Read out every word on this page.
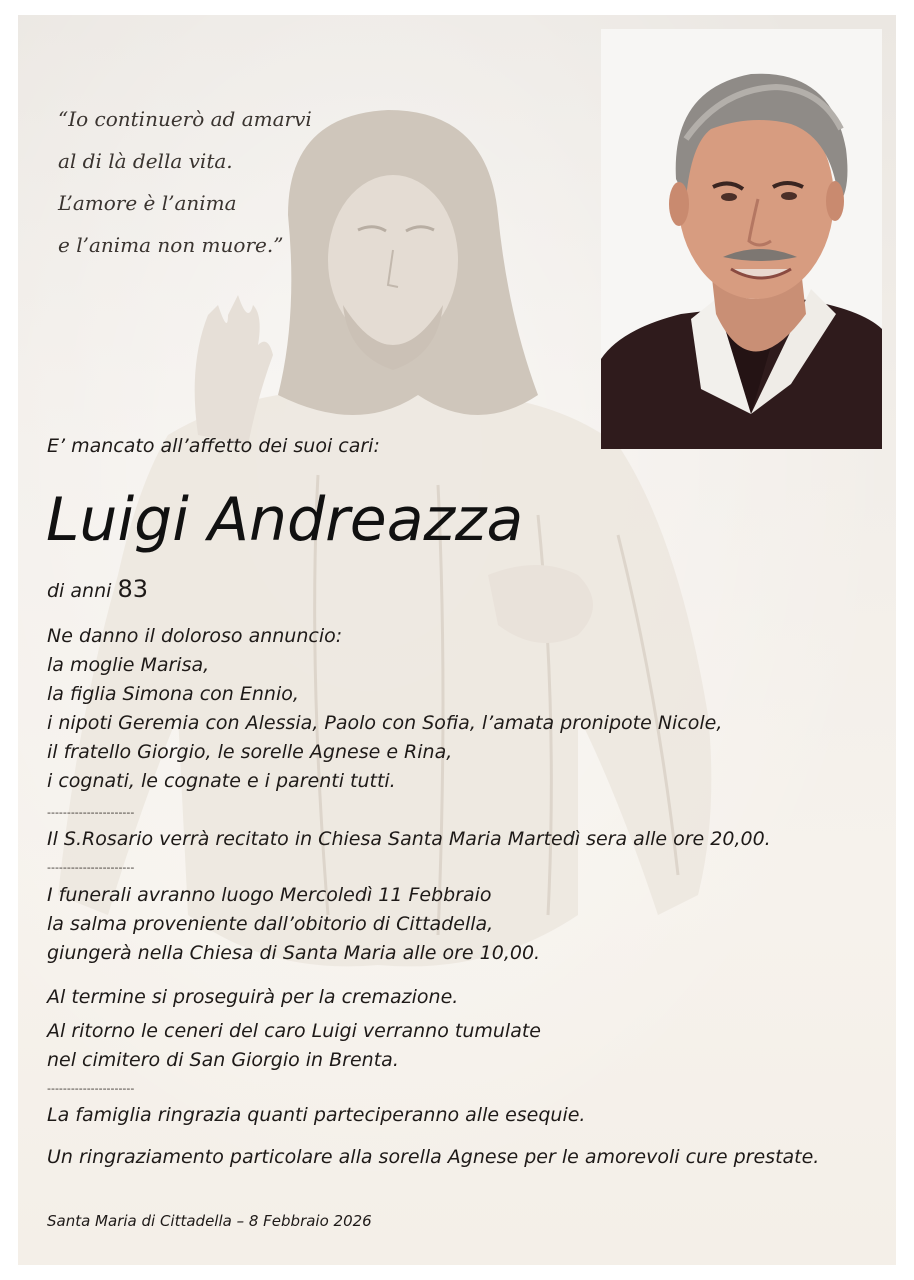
“Io continuerò ad amarvi
al di là della vita.
L’amore è l’anima
e l’anima non muore.”
E’ mancato all’affetto dei suoi cari:
Luigi Andreazza
di anni 83
Ne danno il doloroso annuncio:
la moglie Marisa,
la figlia Simona con Ennio,
i nipoti Geremia con Alessia, Paolo con Sofia, l’amata pronipote Nicole,
il fratello Giorgio, le sorelle Agnese e Rina,
i cognati, le cognate e i parenti tutti.
----------------------
Il S.Rosario verrà recitato in Chiesa Santa Maria Martedì sera alle ore 20,00.
----------------------
I funerali avranno luogo Mercoledì 11 Febbraio
la salma proveniente dall’obitorio di Cittadella,
giungerà nella Chiesa di Santa Maria alle ore 10,00.
Al termine si proseguirà per la cremazione.
Al ritorno le ceneri del caro Luigi verranno tumulate
nel cimitero di San Giorgio in Brenta.
----------------------
La famiglia ringrazia quanti parteciperanno alle esequie.
Un ringraziamento particolare alla sorella Agnese per le amorevoli cure prestate.
Santa Maria di Cittadella – 8 Febbraio 2026
